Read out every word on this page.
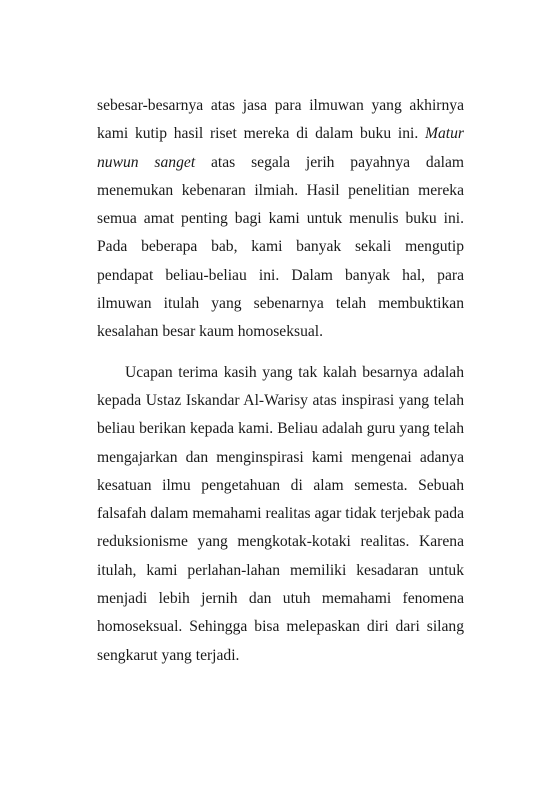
sebesar-besarnya atas jasa para ilmuwan yang akhirnya kami kutip hasil riset mereka di dalam buku ini. Matur nuwun sanget atas segala jerih payahnya dalam menemukan kebenaran ilmiah. Hasil penelitian mereka semua amat penting bagi kami untuk menulis buku ini. Pada beberapa bab, kami banyak sekali mengutip pendapat beliau-beliau ini. Dalam banyak hal, para ilmuwan itulah yang sebenarnya telah membuktikan kesalahan besar kaum homoseksual.

Ucapan terima kasih yang tak kalah besarnya adalah kepada Ustaz Iskandar Al-Warisy atas inspirasi yang telah beliau berikan kepada kami. Beliau adalah guru yang telah mengajarkan dan menginspirasi kami mengenai adanya kesatuan ilmu pengetahuan di alam semesta. Sebuah falsafah dalam memahami realitas agar tidak terjebak pada reduksionisme yang mengkotak-kotaki realitas. Karena itulah, kami perlahan-lahan memiliki kesadaran untuk menjadi lebih jernih dan utuh memahami fenomena homoseksual. Sehingga bisa melepaskan diri dari silang sengkarut yang terjadi.
